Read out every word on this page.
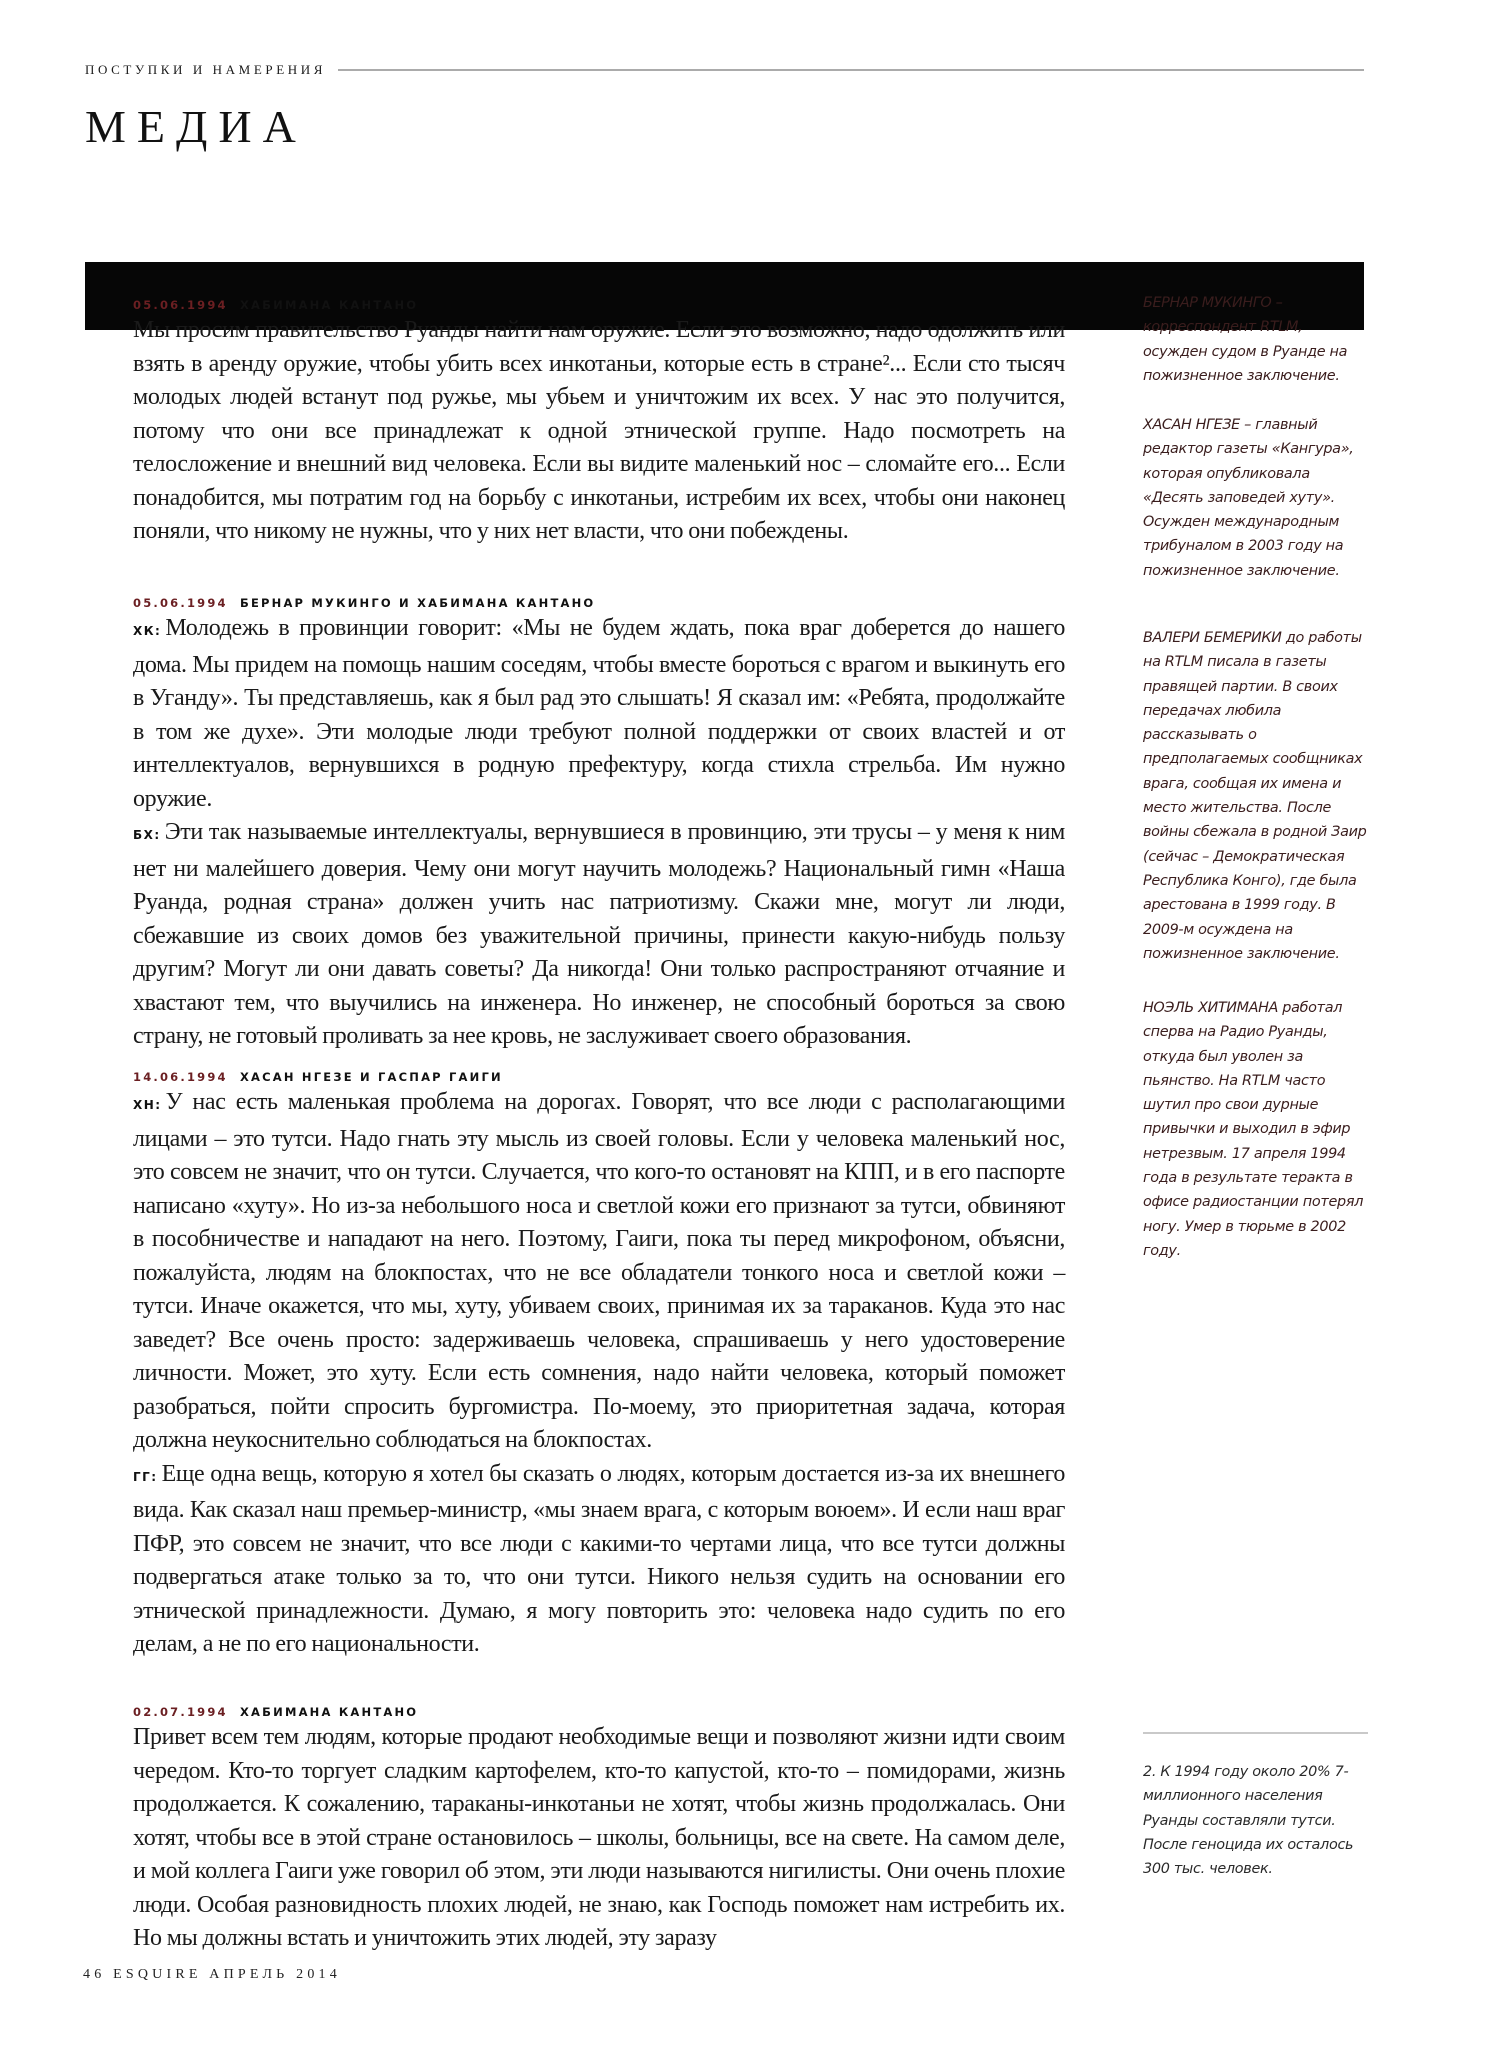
ПОСТУПКИ И НАМЕРЕНИЯ
МЕДИА
05.06.1994 ХАБИМАНА КАНТАНО

Мы просим правительство Руанды найти нам оружие. Если это возможно, надо одолжить или взять в аренду оружие, чтобы убить всех инкотаньи, которые есть в стране²... Если сто тысяч молодых людей встанут под ружье, мы убьем и уничтожим их всех. У нас это получится, потому что они все принадлежат к одной этнической группе. Надо посмотреть на телосложение и внешний вид человека. Если вы видите маленький нос – сломайте его... Если понадобится, мы потратим год на борьбу с инкотаньи, истребим их всех, чтобы они наконец поняли, что никому не нужны, что у них нет власти, что они побеждены.

05.06.1994 БЕРНАР МУКИНГО И ХАБИМАНА КАНТАНО

ХК: Молодежь в провинции говорит: «Мы не будем ждать, пока враг доберется до нашего дома. Мы придем на помощь нашим соседям, чтобы вместе бороться с врагом и выкинуть его в Уганду». Ты представляешь, как я был рад это слышать! Я сказал им: «Ребята, продолжайте в том же духе». Эти молодые люди требуют полной поддержки от своих властей и от интеллектуалов, вернувшихся в родную префектуру, когда стихла стрельба. Им нужно оружие.

БХ: Эти так называемые интеллектуалы, вернувшиеся в провинцию, эти трусы – у меня к ним нет ни малейшего доверия. Чему они могут научить молодежь? Национальный гимн «Наша Руанда, родная страна» должен учить нас патриотизму. Скажи мне, могут ли люди, сбежавшие из своих домов без уважительной причины, принести какую-нибудь пользу другим? Могут ли они давать советы? Да никогда! Они только распространяют отчаяние и хвастают тем, что выучились на инженера. Но инженер, не способный бороться за свою страну, не готовый проливать за нее кровь, не заслуживает своего образования.

14.06.1994 ХАСАН НГЕЗЕ И ГАСПАР ГАИГИ

ХН: У нас есть маленькая проблема на дорогах. Говорят, что все люди с располагающими лицами – это тутси. Надо гнать эту мысль из своей головы. Если у человека маленький нос, это совсем не значит, что он тутси. Случается, что кого-то остановят на КПП, и в его паспорте написано «хуту». Но из-за небольшого носа и светлой кожи его признают за тутси, обвиняют в пособничестве и нападают на него. Поэтому, Гаиги, пока ты перед микрофоном, объясни, пожалуйста, людям на блокпостах, что не все обладатели тонкого носа и светлой кожи – тутси. Иначе окажется, что мы, хуту, убиваем своих, принимая их за тараканов. Куда это нас заведет? Все очень просто: задерживаешь человека, спрашиваешь у него удостоверение личности. Может, это хуту. Если есть сомнения, надо найти человека, который поможет разобраться, пойти спросить бургомистра. По-моему, это приоритетная задача, которая должна неукоснительно соблюдаться на блокпостах.

ГГ: Еще одна вещь, которую я хотел бы сказать о людях, которым достается из-за их внешнего вида. Как сказал наш премьер-министр, «мы знаем врага, с которым воюем». И если наш враг ПФР, это совсем не значит, что все люди с какими-то чертами лица, что все тутси должны подвергаться атаке только за то, что они тутси. Никого нельзя судить на основании его этнической принадлежности. Думаю, я могу повторить это: человека надо судить по его делам, а не по его национальности.

02.07.1994 ХАБИМАНА КАНТАНО

Привет всем тем людям, которые продают необходимые вещи и позволяют жизни идти своим чередом. Кто-то торгует сладким картофелем, кто-то капустой, кто-то – помидорами, жизнь продолжается. К сожалению, тараканы-инкотаньи не хотят, чтобы жизнь продолжалась. Они хотят, чтобы все в этой стране остановилось – школы, больницы, все на свете. На самом деле, и мой коллега Гаиги уже говорил об этом, эти люди называются нигилисты. Они очень плохие люди. Особая разновидность плохих людей, не знаю, как Господь поможет нам истребить их. Но мы должны встать и уничтожить этих людей, эту заразу

БЕРНАР МУКИНГО – корреспондент RTLM, осужден судом в Руанде на пожизненное заключение.

ХАСАН НГЕЗЕ – главный редактор газеты «Кангура», которая опубликовала «Десять заповедей хуту». Осужден международным трибуналом в 2003 году на пожизненное заключение.

ВАЛЕРИ БЕМЕРИКИ до работы на RTLM писала в газеты правящей партии. В своих передачах любила рассказывать о предполагаемых сообщниках врага, сообщая их имена и место жительства. После войны сбежала в родной Заир (сейчас – Демократическая Республика Конго), где была арестована в 1999 году. В 2009-м осуждена на пожизненное заключение.

НОЭЛЬ ХИТИМАНА работал сперва на Радио Руанды, откуда был уволен за пьянство. На RTLM часто шутил про свои дурные привычки и выходил в эфир нетрезвым. 17 апреля 1994 года в результате теракта в офисе радиостанции потерял ногу. Умер в тюрьме в 2002 году.

2. К 1994 году около 20% 7-миллионного населения Руанды составляли тутси. После геноцида их осталось 300 тыс. человек.

46 ESQUIRE АПРЕЛЬ 2014
